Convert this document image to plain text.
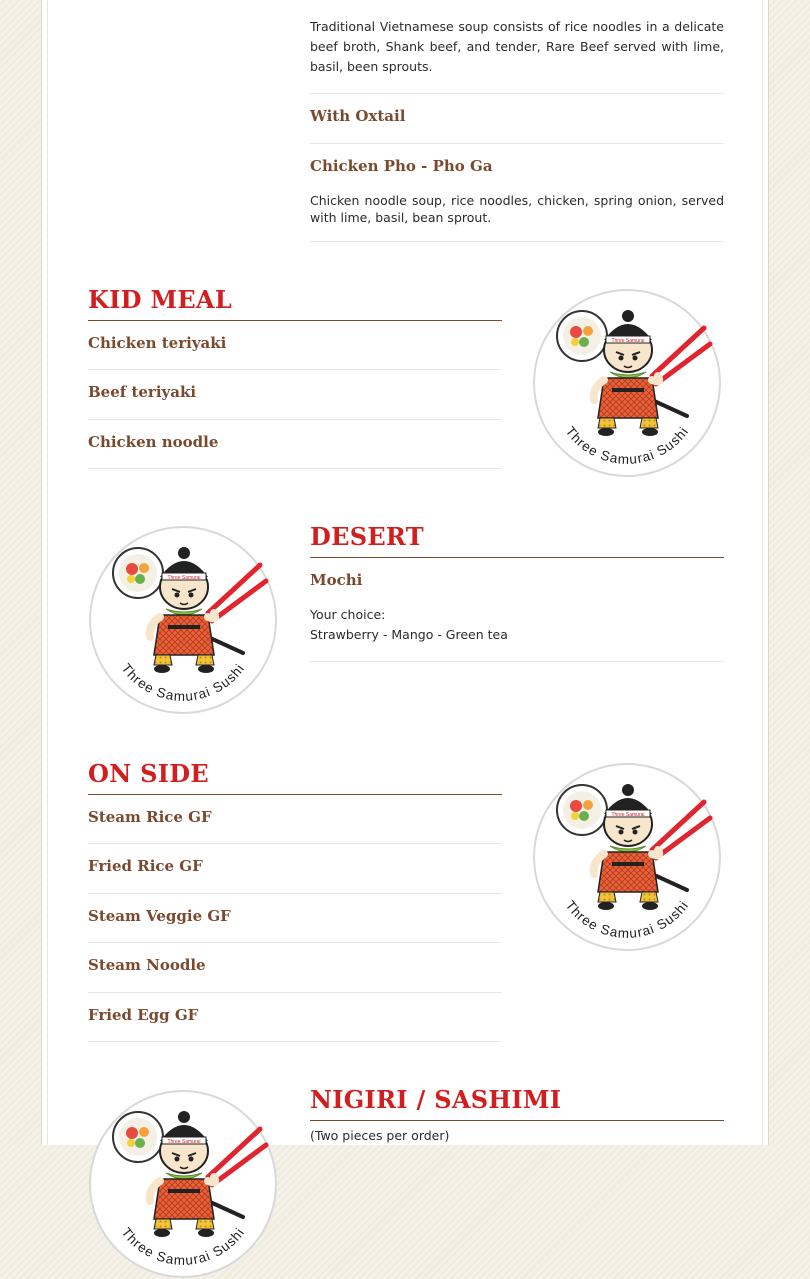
Traditional Vietnamese soup consists of rice noodles in a delicate beef broth, Shank beef, and tender, Rare Beef served with lime, basil, been sprouts.

With Oxtail
Chicken Pho - Pho Ga

Chicken noodle soup, rice noodles, chicken, spring onion, served with lime, basil, bean sprout.

KID MEAL
Chicken teriyaki
Beef teriyaki
Chicken noodle
Three Samurai Sushi
Three Samurai Sushi
DESERT
Mochi
Your choice:
Strawberry - Mango - Green tea
ON SIDE
Steam Rice GF
Fried Rice GF
Steam Veggie GF
Steam Noodle
Fried Egg GF
Three Samurai Sushi
Three Samurai Sushi
NIGIRI / SASHIMI
(Two pieces per order)
